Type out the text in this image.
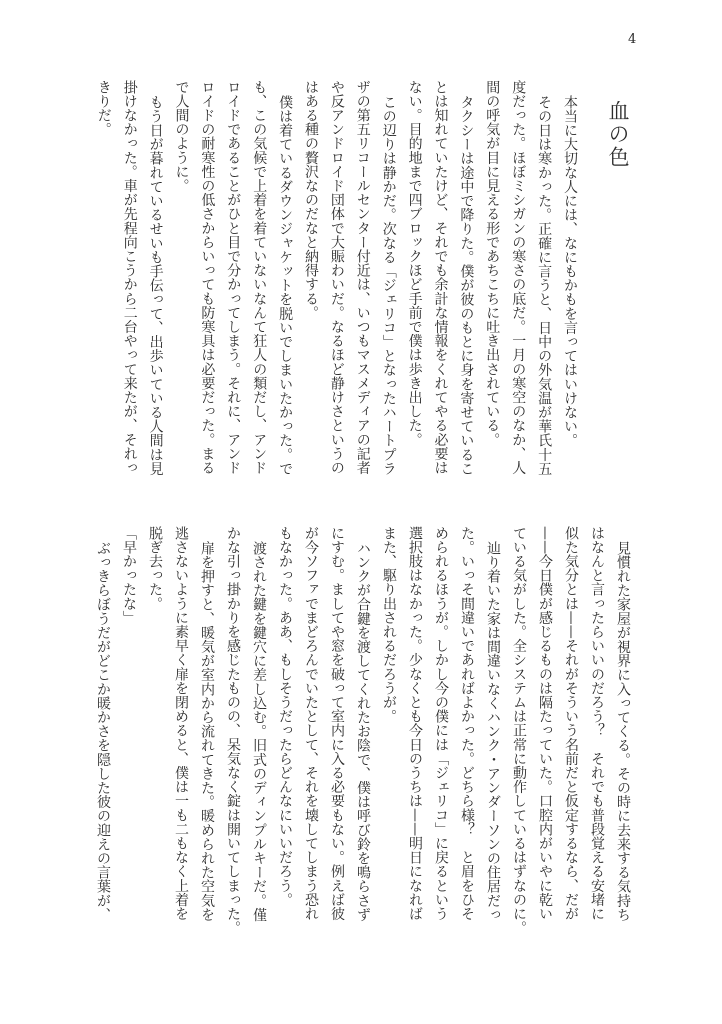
4
血の色
本当に大切な人には、なにもかもを言ってはいけない。
その日は寒かった。正確に言うと、日中の外気温が華氏十五
度だった。ほぼミシガンの寒さの底だ。一月の寒空のなか、人
間の呼気が目に見える形であちこちに吐き出されている。
タクシーは途中で降りた。僕が彼のもとに身を寄せているこ
とは知れていたけど、それでも余計な情報をくれてやる必要は
ない。目的地まで四ブロックほど手前で僕は歩き出した。
この辺りは静かだ。次なる「ジェリコ」となったハートプラ
ザの第五リコールセンター付近は、いつもマスメディアの記者
や反アンドロイド団体で大賑わいだ。なるほど静けさというの
はある種の贅沢なのだなと納得する。
僕は着ているダウンジャケットを脱いでしまいたかった。で
も、この気候で上着を着ていないなんて狂人の類だし、アンド
ロイドであることがひと目で分かってしまう。それに、アンド
ロイドの耐寒性の低さからいっても防寒具は必要だった。まる
で人間のように。
もう日が暮れているせいも手伝って、出歩いている人間は見
掛けなかった。車が先程向こうから二台やって来たが、それっ
きりだ。
見慣れた家屋が視界に入ってくる。その時に去来する気持ち
はなんと言ったらいいのだろう？　それでも普段覚える安堵に
似た気分とは——それがそういう名前だと仮定するなら、だが
——今日僕が感じるものは隔たっていた。口腔内がいやに乾い
ている気がした。全システムは正常に動作しているはずなのに。
辿り着いた家は間違いなくハンク・アンダーソンの住居だっ
た。いっそ間違いであればよかった。どちら様？　と眉をひそ
められるほうが。しかし今の僕には「ジェリコ」に戻るという
選択肢はなかった。少なくとも今日のうちは——明日になれば
また、駆り出されるだろうが。
ハンクが合鍵を渡してくれたお陰で、僕は呼び鈴を鳴らさず
にすむ。ましてや窓を破って室内に入る必要もない。例えば彼
が今ソファでまどろんでいたとして、それを壊してしまう恐れ
もなかった。ああ、もしそうだったらどんなにいいだろう。
渡された鍵を鍵穴に差し込む。旧式のディンプルキーだ。僅
かな引っ掛かりを感じたものの、呆気なく錠は開いてしまった。
扉を押すと、暖気が室内から流れてきた。暖められた空気を
逃さないように素早く扉を閉めると、僕は一も二もなく上着を
脱ぎ去った。
「早かったな」
ぶっきらぼうだがどこか暖かさを隠した彼の迎えの言葉が、
